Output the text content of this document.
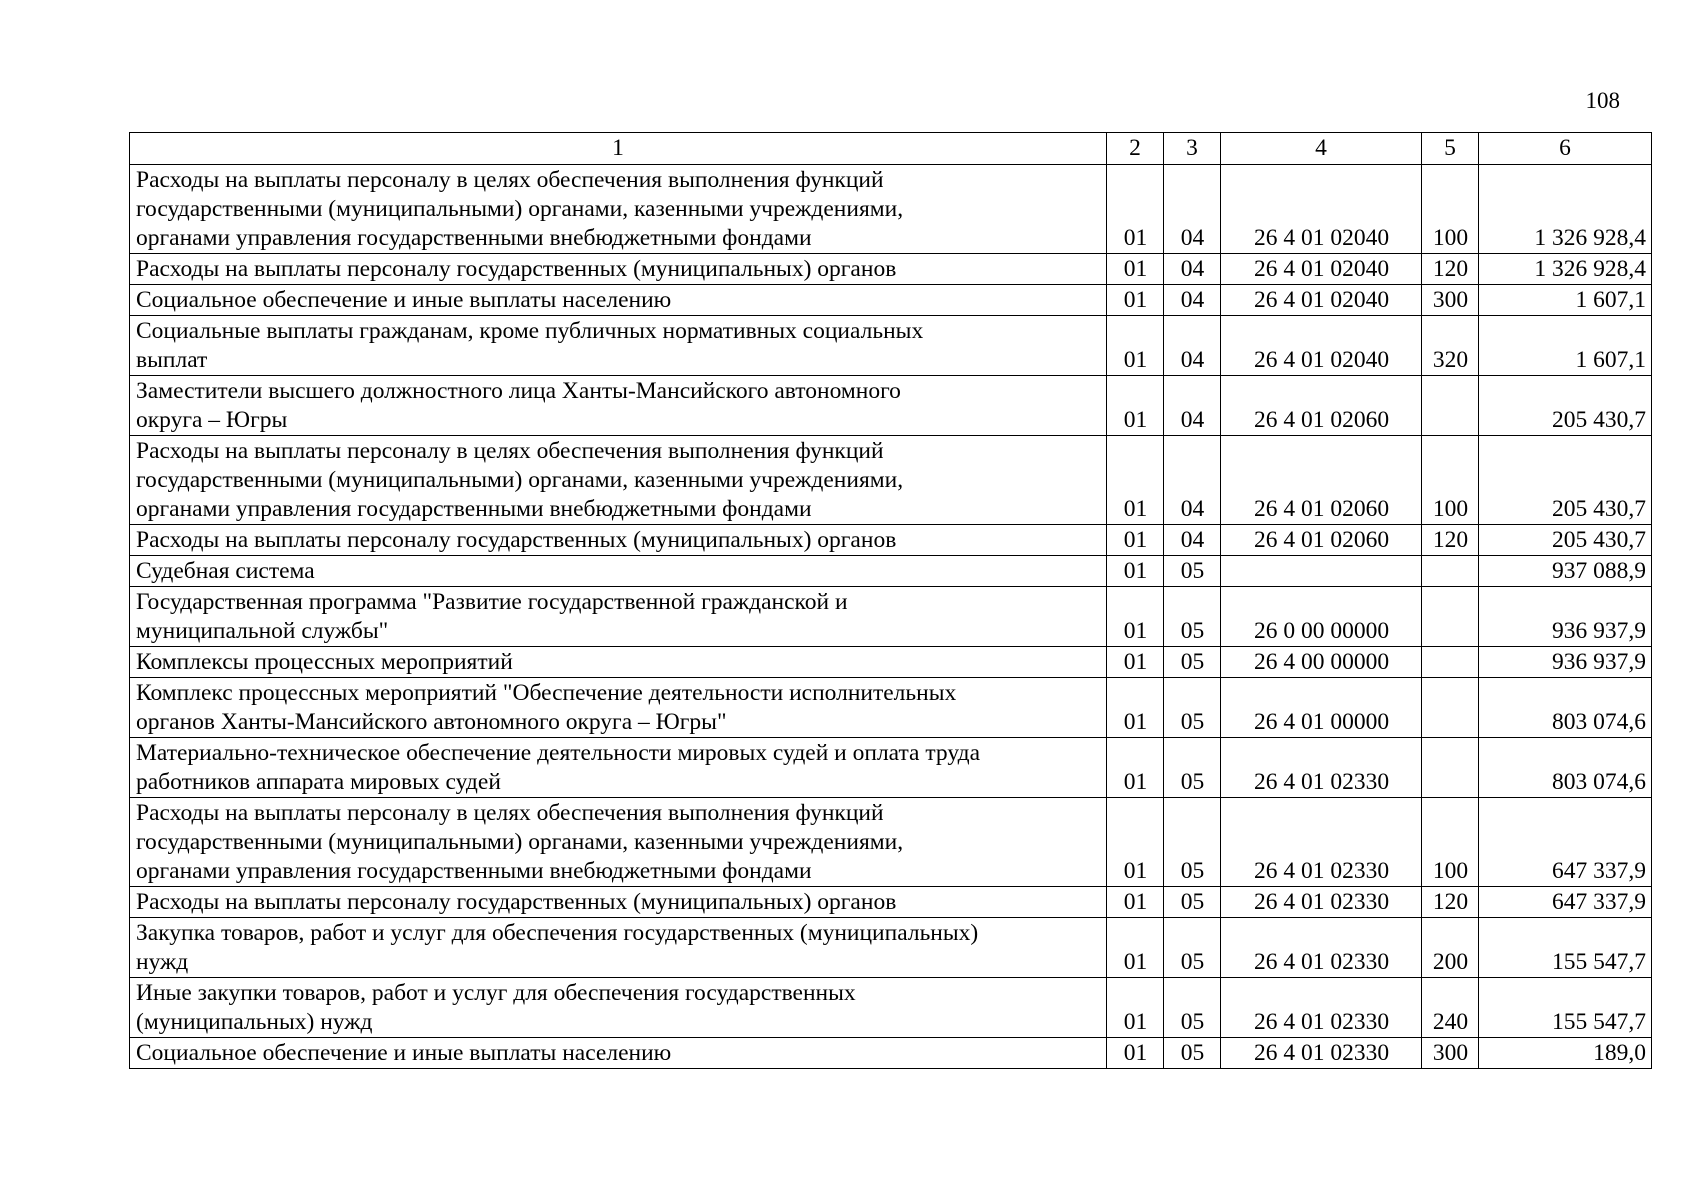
108
1	2	3	4	5	6
Расходы на выплаты персоналу в целях обеспечения выполнения функций
государственными (муниципальными) органами, казенными учреждениями,
органами управления государственными внебюджетными фондами	01	04	26 4 01 02040	100	1 326 928,4
Расходы на выплаты персоналу государственных (муниципальных) органов	01	04	26 4 01 02040	120	1 326 928,4
Социальное обеспечение и иные выплаты населению	01	04	26 4 01 02040	300	1 607,1
Социальные выплаты гражданам, кроме публичных нормативных социальных
выплат	01	04	26 4 01 02040	320	1 607,1
Заместители высшего должностного лица Ханты-Мансийского автономного
округа – Югры	01	04	26 4 01 02060		205 430,7
Расходы на выплаты персоналу в целях обеспечения выполнения функций
государственными (муниципальными) органами, казенными учреждениями,
органами управления государственными внебюджетными фондами	01	04	26 4 01 02060	100	205 430,7
Расходы на выплаты персоналу государственных (муниципальных) органов	01	04	26 4 01 02060	120	205 430,7
Судебная система	01	05			937 088,9
Государственная программа "Развитие государственной гражданской и
муниципальной службы"	01	05	26 0 00 00000		936 937,9
Комплексы процессных мероприятий	01	05	26 4 00 00000		936 937,9
Комплекс процессных мероприятий "Обеспечение деятельности исполнительных
органов Ханты-Мансийского автономного округа – Югры"	01	05	26 4 01 00000		803 074,6
Материально-техническое обеспечение деятельности мировых судей и оплата труда
работников аппарата мировых судей	01	05	26 4 01 02330		803 074,6
Расходы на выплаты персоналу в целях обеспечения выполнения функций
государственными (муниципальными) органами, казенными учреждениями,
органами управления государственными внебюджетными фондами	01	05	26 4 01 02330	100	647 337,9
Расходы на выплаты персоналу государственных (муниципальных) органов	01	05	26 4 01 02330	120	647 337,9
Закупка товаров, работ и услуг для обеспечения государственных (муниципальных)
нужд	01	05	26 4 01 02330	200	155 547,7
Иные закупки товаров, работ и услуг для обеспечения государственных
(муниципальных) нужд	01	05	26 4 01 02330	240	155 547,7
Социальное обеспечение и иные выплаты населению	01	05	26 4 01 02330	300	189,0
